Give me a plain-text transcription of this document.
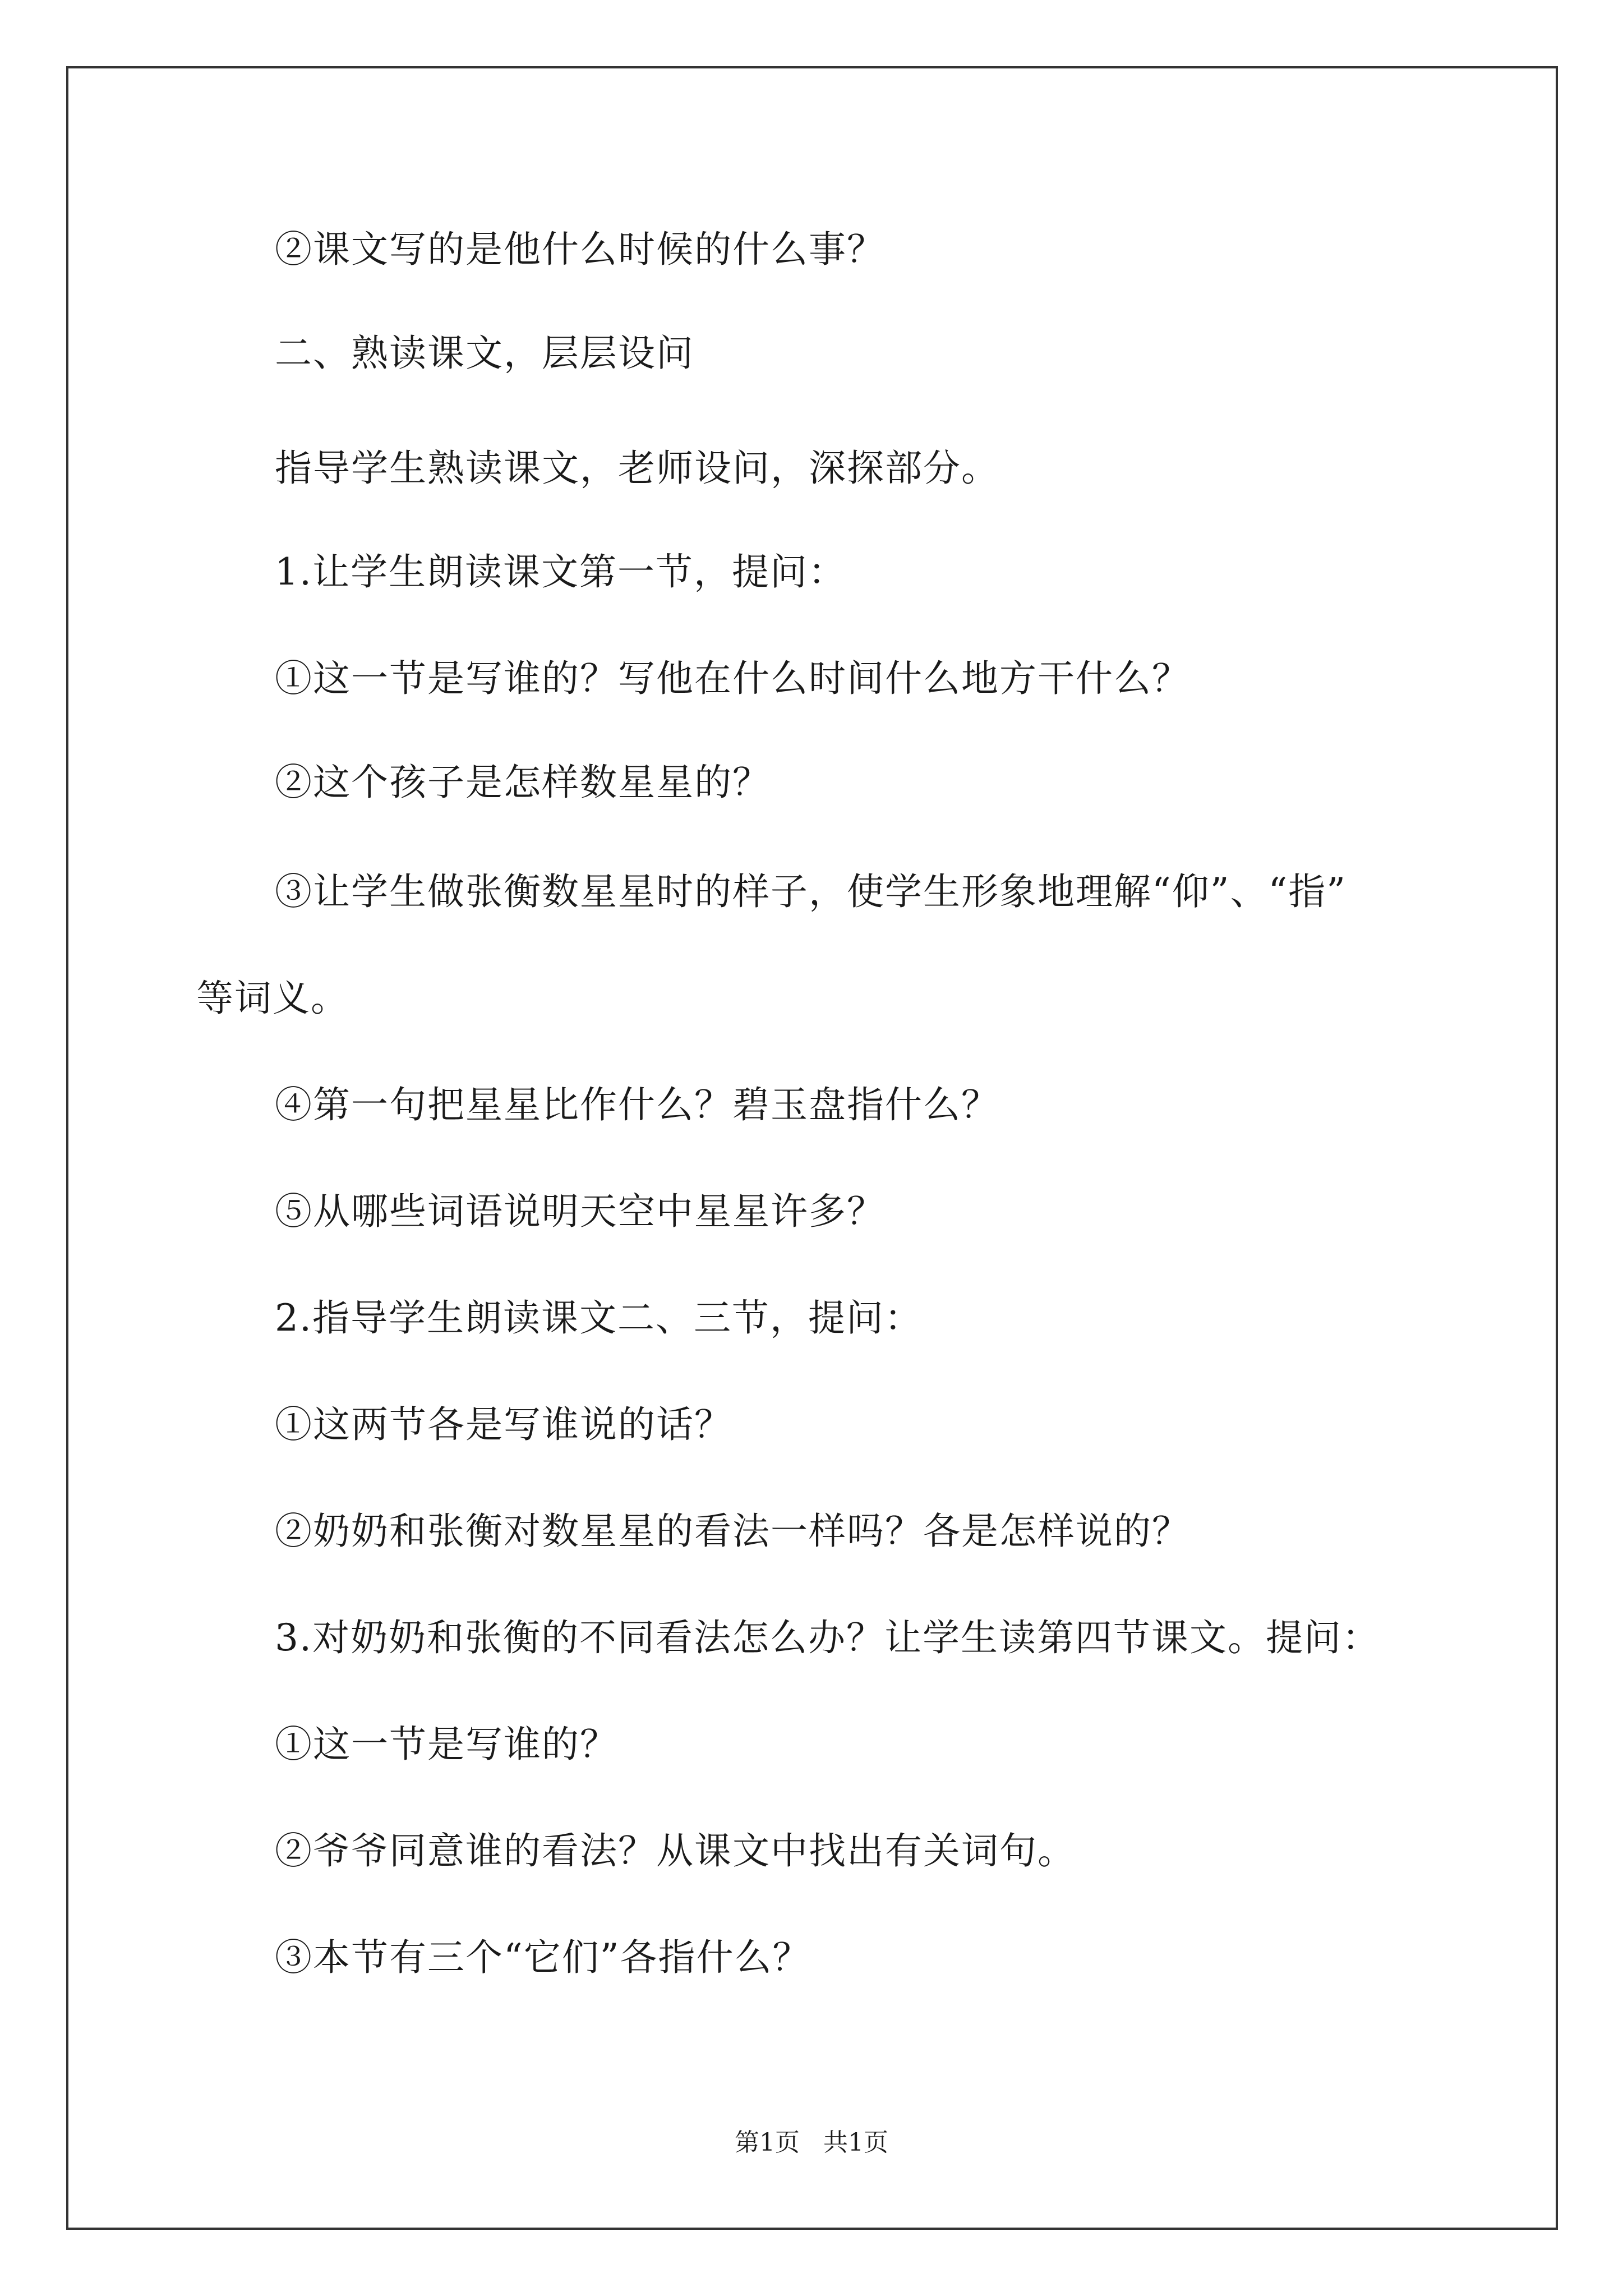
②课文写的是他什么时候的什么事？
二、熟读课文，层层设问
指导学生熟读课文，老师设问，深探部分。
1.让学生朗读课文第一节，提问：
①这一节是写谁的？写他在什么时间什么地方干什么？
②这个孩子是怎样数星星的？
③让学生做张衡数星星时的样子，使学生形象地理解“仰”、“指”
等词义。
④第一句把星星比作什么？碧玉盘指什么？
⑤从哪些词语说明天空中星星许多？
2.指导学生朗读课文二、三节，提问：
①这两节各是写谁说的话？
②奶奶和张衡对数星星的看法一样吗？各是怎样说的？
3.对奶奶和张衡的不同看法怎么办？让学生读第四节课文。提问：
①这一节是写谁的？
②爷爷同意谁的看法？从课文中找出有关词句。
③本节有三个“它们”各指什么？
第1页   共1页
